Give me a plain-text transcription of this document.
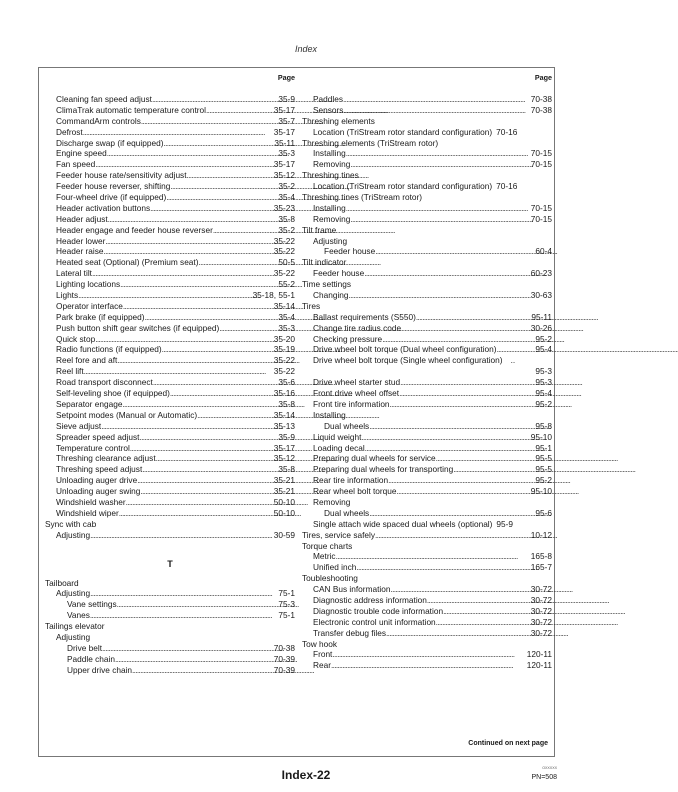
Index
Page
Cleaning fan speed adjust . . .	35-9
ClimaTrak automatic temperature control . . .	35-17
CommandArm controls . . .	35-7
Defrost . . .	35-17
Discharge swap (if equipped) . . .	35-11
Engine speed . . .	35-3
Fan speed . . .	35-17
Feeder house rate/sensitivity adjust . . .	35-12
Feeder house reverser, shifting . . .	35-2
Four-wheel drive (if equipped) . . .	35-4
Header activation buttons . . .	35-23
Header adjust . . .	35-8
Header engage and feeder house reverser . . .	35-2
Header lower . . .	35-22
Header raise . . .	35-22
Heated seat (Optional) (Premium seat) . . .	50-5
Lateral tilt . . .	35-22
Lighting locations . . .	55-2
Lights . . .	35-18, 55-1
Operator interface . . .	35-14
Park brake (if equipped) . . .	35-4
Push button shift gear switches (if equipped) . . .	35-3
Quick stop . . .	35-20
Radio functions (if equipped) . . .	35-19
Reel fore and aft . . .	35-22
Reel lift . . .	35-22
Road transport disconnect . . .	35-6
Self-leveling shoe (if equipped) . . .	35-16
Separator engage . . .	35-8
Setpoint modes (Manual or Automatic) . . .	35-14
Sieve adjust . . .	35-13
Spreader speed adjust . . .	35-9
Temperature control . . .	35-17
Threshing clearance adjust . . .	35-12
Threshing speed adjust . . .	35-8
Unloading auger drive . . .	35-21
Unloading auger swing . . .	35-21
Windshield washer . . .	50-10
Windshield wiper . . .	50-10
Sync with cab
Adjusting . . .	30-59
T
Tailboard
Adjusting . . .	75-1
Vane settings . . .	75-3
Vanes . . .	75-1
Tailings elevator
Adjusting
Drive belt . . .	70-38
Paddle chain . . .	70-39
Upper drive chain . . .	70-39
Page
Paddles . . .	70-38
Sensors . . .	70-38
Threshing elements
Location (TriStream rotor standard configuration) 70-16
Threshing elements (TriStream rotor)
Installing . . .	70-15
Removing . . .	70-15
Threshing tines
Location (TriStream rotor standard configuration) 70-16
Threshing tines (TriStream rotor)
Installing . . .	70-15
Removing . . .	70-15
Tilt frame
Adjusting
Feeder house . . .	60-4
Tilt indicator
Feeder house . . .	60-23
Time settings
Changing . . .	30-63
Tires
Ballast requirements (S550) . . .	95-11
Change tire radius code . . .	30-26
Checking pressure . . .	95-2
Drive wheel bolt torque (Dual wheel configuration) . . .	95-4
Drive wheel bolt torque (Single wheel configuration) ..
95-3
Drive wheel starter stud . . .	95-3
Front drive wheel offset . . .	95-4
Front tire information . . .	95-2
Installing
Dual wheels . . .	95-8
Liquid weight . . .	95-10
Loading decal . . .	95-1
Preparing dual wheels for service . . .	95-5
Preparing dual wheels for transporting . . .	95-5
Rear tire information . . .	95-2
Rear wheel bolt torque . . .	95-10
Removing
Dual wheels . . .	95-6
Single attach wide spaced dual wheels (optional) 95-9
Tires, service safely . . .	10-12
Torque charts
Metric . . .	165-8
Unified inch . . .	165-7
Toubleshooting
CAN Bus information . . .	30-72
Diagnostic address information . . .	30-72
Diagnostic trouble code information . . .	30-72
Electronic control unit information . . .	30-72
Transfer debug files . . .	30-72
Tow hook
Front . . .	120-11
Rear . . .	120-11
Continued on next page
Index-22	OXXXXX
PN=508
